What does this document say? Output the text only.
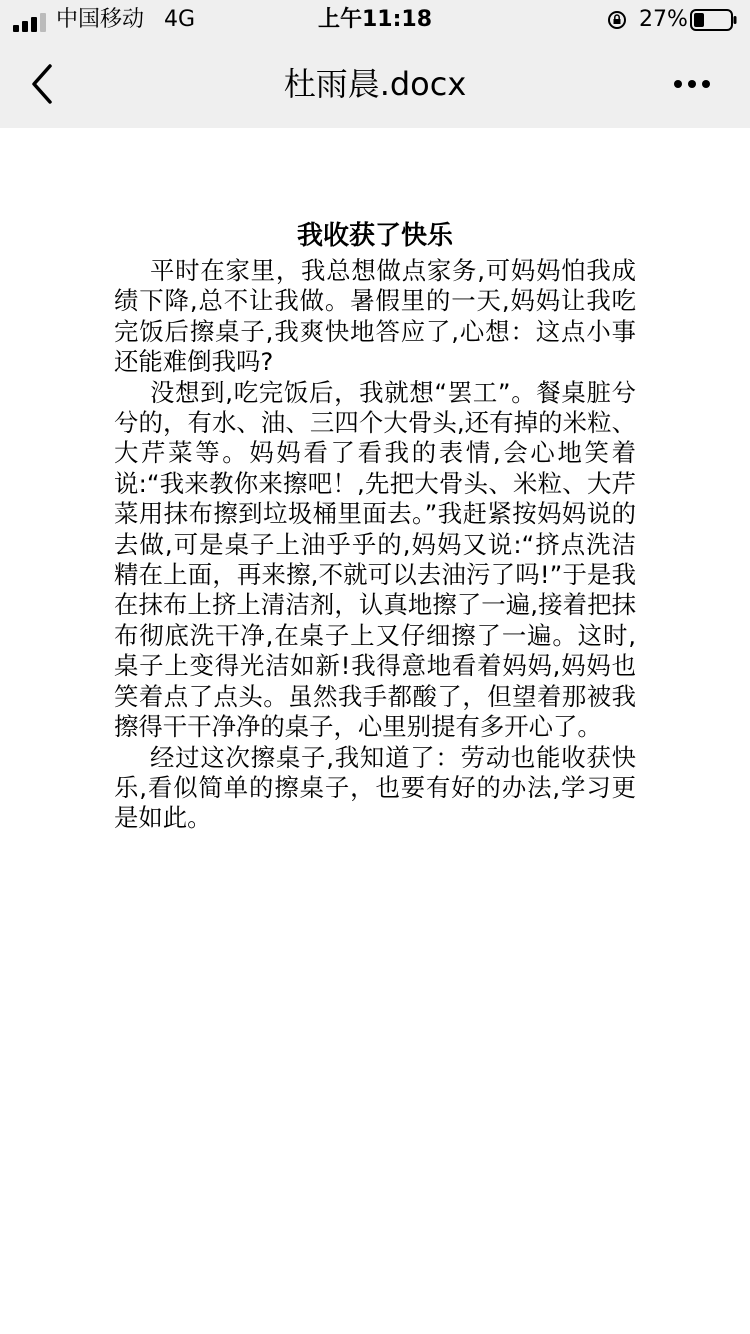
中国移动 4G	上午11:18	27%
杜雨晨.docx
我收获了快乐

平时在家里，我总想做点家务,可妈妈怕我成绩下降,总不让我做。暑假里的一天,妈妈让我吃完饭后擦桌子,我爽快地答应了,心想：这点小事还能难倒我吗?

没想到,吃完饭后，我就想“罢工”。餐桌脏兮兮的，有水、油、三四个大骨头,还有掉的米粒、大芹菜等。妈妈看了看我的表情,会心地笑着说:“我来教你来擦吧！,先把大骨头、米粒、大芹菜用抹布擦到垃圾桶里面去。”我赶紧按妈妈说的去做,可是桌子上油乎乎的,妈妈又说:“挤点洗洁精在上面，再来擦,不就可以去油污了吗!”于是我在抹布上挤上清洁剂，认真地擦了一遍,接着把抹布彻底洗干净,在桌子上又仔细擦了一遍。这时,桌子上变得光洁如新!我得意地看着妈妈,妈妈也笑着点了点头。虽然我手都酸了，但望着那被我擦得干干净净的桌子，心里别提有多开心了。

经过这次擦桌子,我知道了：劳动也能收获快乐,看似简单的擦桌子，也要有好的办法,学习更是如此。
